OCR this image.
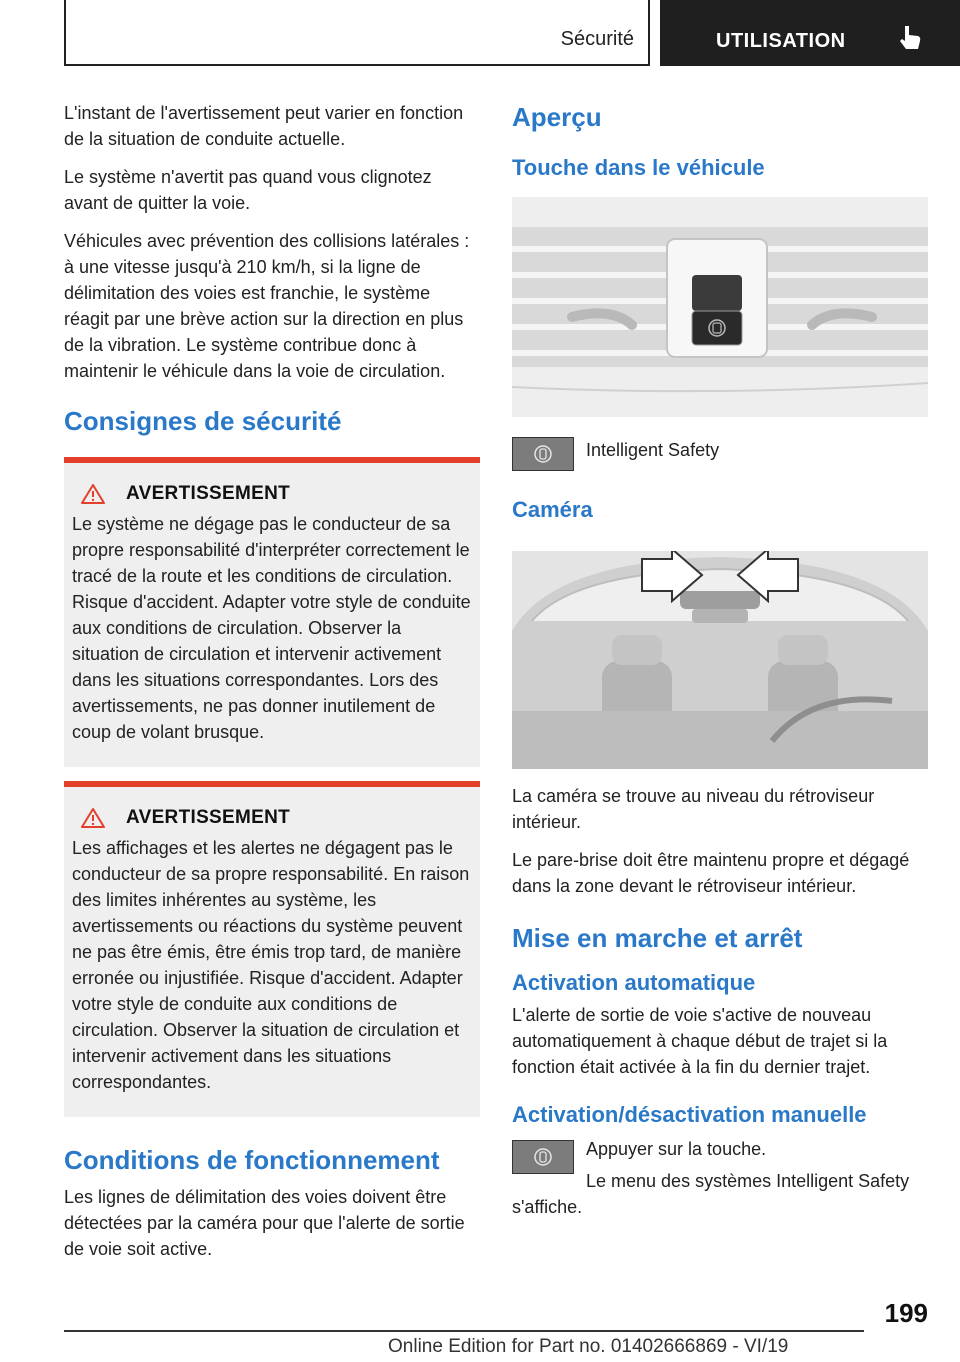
Sécurité	UTILISATION

L'instant de l'avertissement peut varier en fonction de la situation de conduite actuelle.

Le système n'avertit pas quand vous clignotez avant de quitter la voie.

Véhicules avec prévention des collisions latérales : à une vitesse jusqu'à 210 km/h, si la ligne de délimitation des voies est franchie, le système réagit par une brève action sur la direction en plus de la vibration. Le système contribue donc à maintenir le véhicule dans la voie de circulation.

Consignes de sécurité
AVERTISSEMENT

Le système ne dégage pas le conducteur de sa propre responsabilité d'interpréter correctement le tracé de la route et les conditions de circulation. Risque d'accident. Adapter votre style de conduite aux conditions de circulation. Observer la situation de circulation et intervenir activement dans les situations correspondantes. Lors des avertissements, ne pas donner inutilement de coup de volant brusque.

AVERTISSEMENT

Les affichages et les alertes ne dégagent pas le conducteur de sa propre responsabilité. En raison des limites inhérentes au système, les avertissements ou réactions du système peuvent ne pas être émis, être émis trop tard, de manière erronée ou injustifiée. Risque d'accident. Adapter votre style de conduite aux conditions de circulation. Observer la situation de circulation et intervenir activement dans les situations correspondantes.

Conditions de fonctionnement

Les lignes de délimitation des voies doivent être détectées par la caméra pour que l'alerte de sortie de voie soit active.

Aperçu
Touche dans le véhicule

Intelligent Safety

Caméra

La caméra se trouve au niveau du rétroviseur intérieur.

Le pare-brise doit être maintenu propre et dégagé dans la zone devant le rétroviseur intérieur.

Mise en marche et arrêt
Activation automatique

L'alerte de sortie de voie s'active de nouveau automatiquement à chaque début de trajet si la fonction était activée à la fin du dernier trajet.

Activation/désactivation manuelle

Appuyer sur la touche.

Le menu des systèmes Intelligent Safety s'affiche.

199
Online Edition for Part no. 01402666869 - VI/19
